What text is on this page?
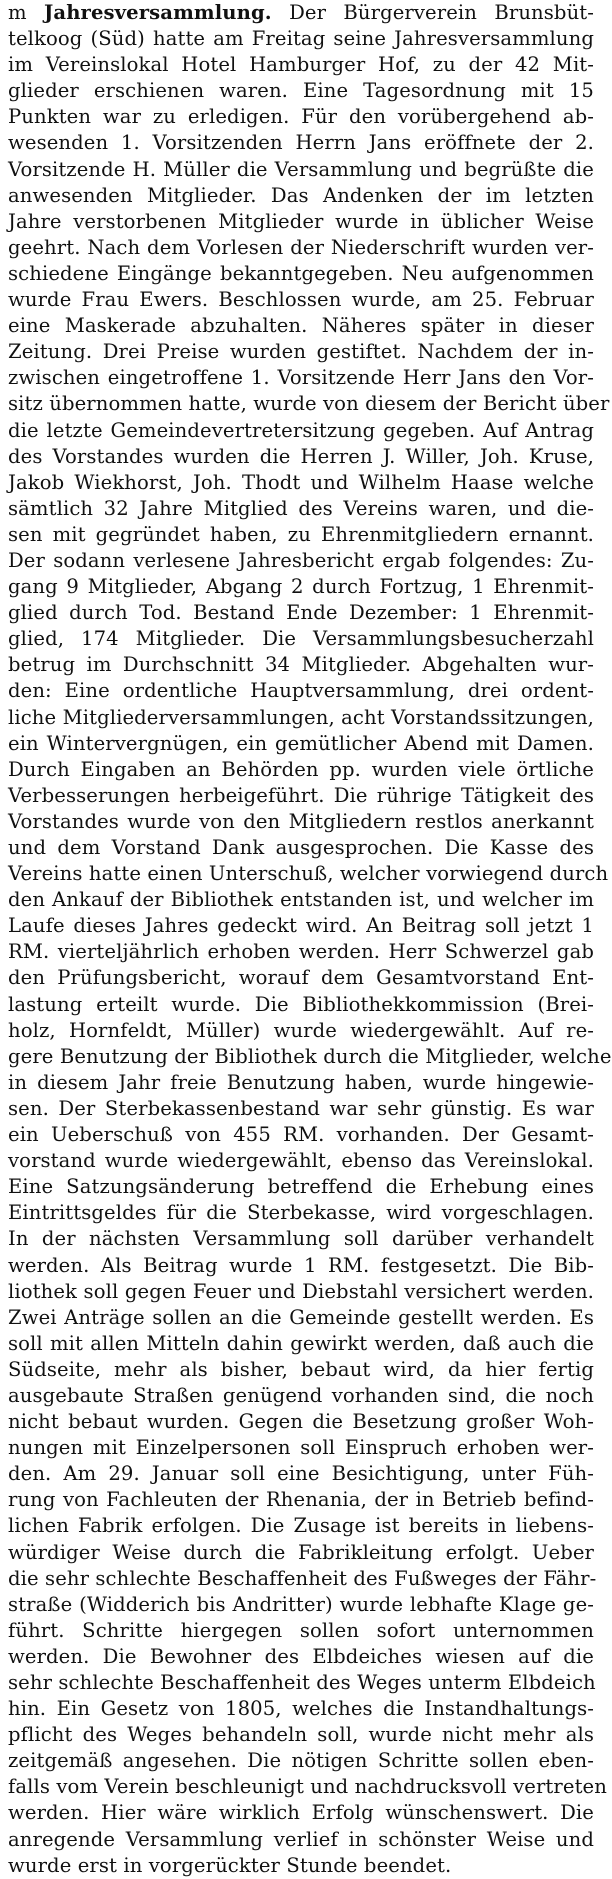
m Jahresversammlung. Der Bürgerverein Brunsbüt-
telkoog (Süd) hatte am Freitag seine Jahresversammlung
im Vereinslokal Hotel Hamburger Hof, zu der 42 Mit-
glieder erschienen waren. Eine Tagesordnung mit 15
Punkten war zu erledigen. Für den vorübergehend ab-
wesenden 1. Vorsitzenden Herrn Jans eröffnete der 2.
Vorsitzende H. Müller die Versammlung und begrüßte die
anwesenden Mitglieder. Das Andenken der im letzten
Jahre verstorbenen Mitglieder wurde in üblicher Weise
geehrt. Nach dem Vorlesen der Niederschrift wurden ver-
schiedene Eingänge bekanntgegeben. Neu aufgenommen
wurde Frau Ewers. Beschlossen wurde, am 25. Februar
eine Maskerade abzuhalten. Näheres später in dieser
Zeitung. Drei Preise wurden gestiftet. Nachdem der in-
zwischen eingetroffene 1. Vorsitzende Herr Jans den Vor-
sitz übernommen hatte, wurde von diesem der Bericht über
die letzte Gemeindevertretersitzung gegeben. Auf Antrag
des Vorstandes wurden die Herren J. Willer, Joh. Kruse,
Jakob Wiekhorst, Joh. Thodt und Wilhelm Haase welche
sämtlich 32 Jahre Mitglied des Vereins waren, und die-
sen mit gegründet haben, zu Ehrenmitgliedern ernannt.
Der sodann verlesene Jahresbericht ergab folgendes: Zu-
gang 9 Mitglieder, Abgang 2 durch Fortzug, 1 Ehrenmit-
glied durch Tod. Bestand Ende Dezember: 1 Ehrenmit-
glied, 174 Mitglieder. Die Versammlungsbesucherzahl
betrug im Durchschnitt 34 Mitglieder. Abgehalten wur-
den: Eine ordentliche Hauptversammlung, drei ordent-
liche Mitgliederversammlungen, acht Vorstandssitzungen,
ein Wintervergnügen, ein gemütlicher Abend mit Damen.
Durch Eingaben an Behörden pp. wurden viele örtliche
Verbesserungen herbeigeführt. Die rührige Tätigkeit des
Vorstandes wurde von den Mitgliedern restlos anerkannt
und dem Vorstand Dank ausgesprochen. Die Kasse des
Vereins hatte einen Unterschuß, welcher vorwiegend durch
den Ankauf der Bibliothek entstanden ist, und welcher im
Laufe dieses Jahres gedeckt wird. An Beitrag soll jetzt 1
RM. vierteljährlich erhoben werden. Herr Schwerzel gab
den Prüfungsbericht, worauf dem Gesamtvorstand Ent-
lastung erteilt wurde. Die Bibliothekkommission (Brei-
holz, Hornfeldt, Müller) wurde wiedergewählt. Auf re-
gere Benutzung der Bibliothek durch die Mitglieder, welche
in diesem Jahr freie Benutzung haben, wurde hingewie-
sen. Der Sterbekassenbestand war sehr günstig. Es war
ein Ueberschuß von 455 RM. vorhanden. Der Gesamt-
vorstand wurde wiedergewählt, ebenso das Vereinslokal.
Eine Satzungsänderung betreffend die Erhebung eines
Eintrittsgeldes für die Sterbekasse, wird vorgeschlagen.
In der nächsten Versammlung soll darüber verhandelt
werden. Als Beitrag wurde 1 RM. festgesetzt. Die Bib-
liothek soll gegen Feuer und Diebstahl versichert werden.
Zwei Anträge sollen an die Gemeinde gestellt werden. Es
soll mit allen Mitteln dahin gewirkt werden, daß auch die
Südseite, mehr als bisher, bebaut wird, da hier fertig
ausgebaute Straßen genügend vorhanden sind, die noch
nicht bebaut wurden. Gegen die Besetzung großer Woh-
nungen mit Einzelpersonen soll Einspruch erhoben wer-
den. Am 29. Januar soll eine Besichtigung, unter Füh-
rung von Fachleuten der Rhenania, der in Betrieb befind-
lichen Fabrik erfolgen. Die Zusage ist bereits in liebens-
würdiger Weise durch die Fabrikleitung erfolgt. Ueber
die sehr schlechte Beschaffenheit des Fußweges der Fähr-
straße (Widderich bis Andritter) wurde lebhafte Klage ge-
führt. Schritte hiergegen sollen sofort unternommen
werden. Die Bewohner des Elbdeiches wiesen auf die
sehr schlechte Beschaffenheit des Weges unterm Elbdeich
hin. Ein Gesetz von 1805, welches die Instandhaltungs-
pflicht des Weges behandeln soll, wurde nicht mehr als
zeitgemäß angesehen. Die nötigen Schritte sollen eben-
falls vom Verein beschleunigt und nachdrucksvoll vertreten
werden. Hier wäre wirklich Erfolg wünschenswert. Die
anregende Versammlung verlief in schönster Weise und
wurde erst in vorgerückter Stunde beendet.
